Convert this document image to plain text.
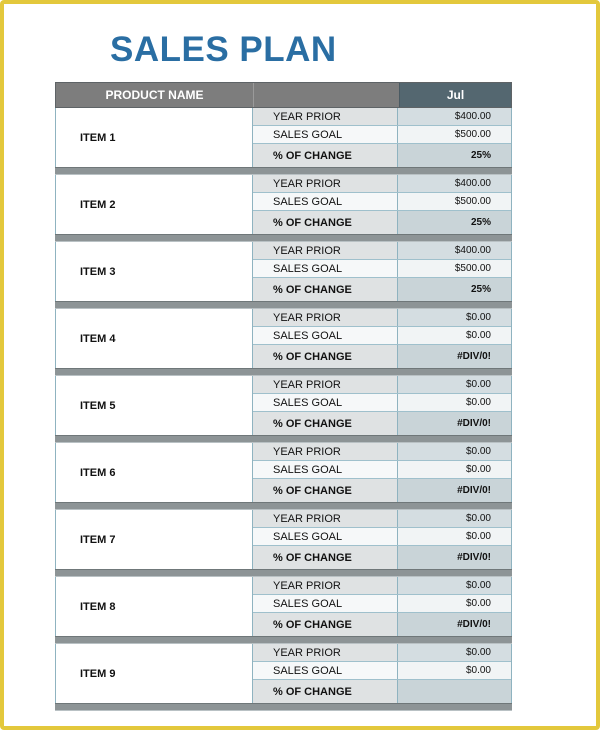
SALES PLAN
PRODUCT NAME	Jul
ITEM 1
YEAR PRIOR	$400.00
SALES GOAL	$500.00
% OF CHANGE	25%
ITEM 2
YEAR PRIOR	$400.00
SALES GOAL	$500.00
% OF CHANGE	25%
ITEM 3
YEAR PRIOR	$400.00
SALES GOAL	$500.00
% OF CHANGE	25%
ITEM 4
YEAR PRIOR	$0.00
SALES GOAL	$0.00
% OF CHANGE	#DIV/0!
ITEM 5
YEAR PRIOR	$0.00
SALES GOAL	$0.00
% OF CHANGE	#DIV/0!
ITEM 6
YEAR PRIOR	$0.00
SALES GOAL	$0.00
% OF CHANGE	#DIV/0!
ITEM 7
YEAR PRIOR	$0.00
SALES GOAL	$0.00
% OF CHANGE	#DIV/0!
ITEM 8
YEAR PRIOR	$0.00
SALES GOAL	$0.00
% OF CHANGE	#DIV/0!
ITEM 9
YEAR PRIOR	$0.00
SALES GOAL	$0.00
% OF CHANGE
